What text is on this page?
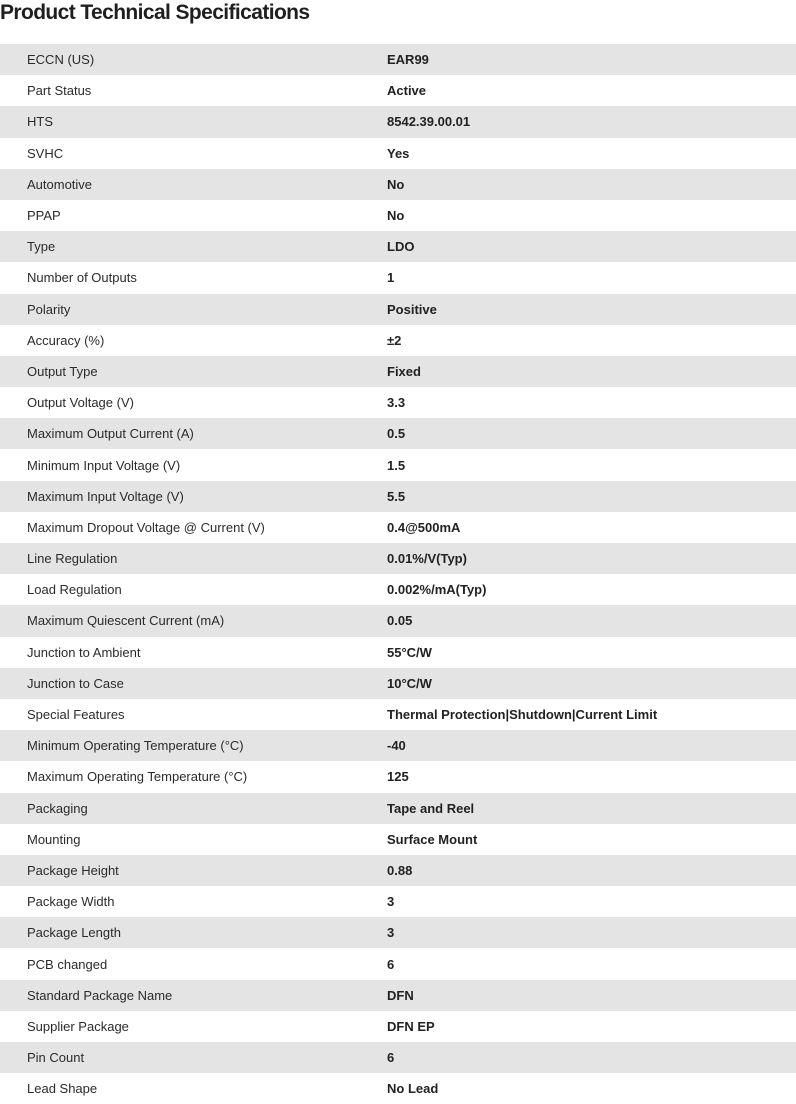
Product Technical Specifications
ECCN (US)	EAR99
Part Status	Active
HTS	8542.39.00.01
SVHC	Yes
Automotive	No
PPAP	No
Type	LDO
Number of Outputs	1
Polarity	Positive
Accuracy (%)	±2
Output Type	Fixed
Output Voltage (V)	3.3
Maximum Output Current (A)	0.5
Minimum Input Voltage (V)	1.5
Maximum Input Voltage (V)	5.5
Maximum Dropout Voltage @ Current (V)	0.4@500mA
Line Regulation	0.01%/V(Typ)
Load Regulation	0.002%/mA(Typ)
Maximum Quiescent Current (mA)	0.05
Junction to Ambient	55°C/W
Junction to Case	10°C/W
Special Features	Thermal Protection|Shutdown|Current Limit
Minimum Operating Temperature (°C)	-40
Maximum Operating Temperature (°C)	125
Packaging	Tape and Reel
Mounting	Surface Mount
Package Height	0.88
Package Width	3
Package Length	3
PCB changed	6
Standard Package Name	DFN
Supplier Package	DFN EP
Pin Count	6
Lead Shape	No Lead
